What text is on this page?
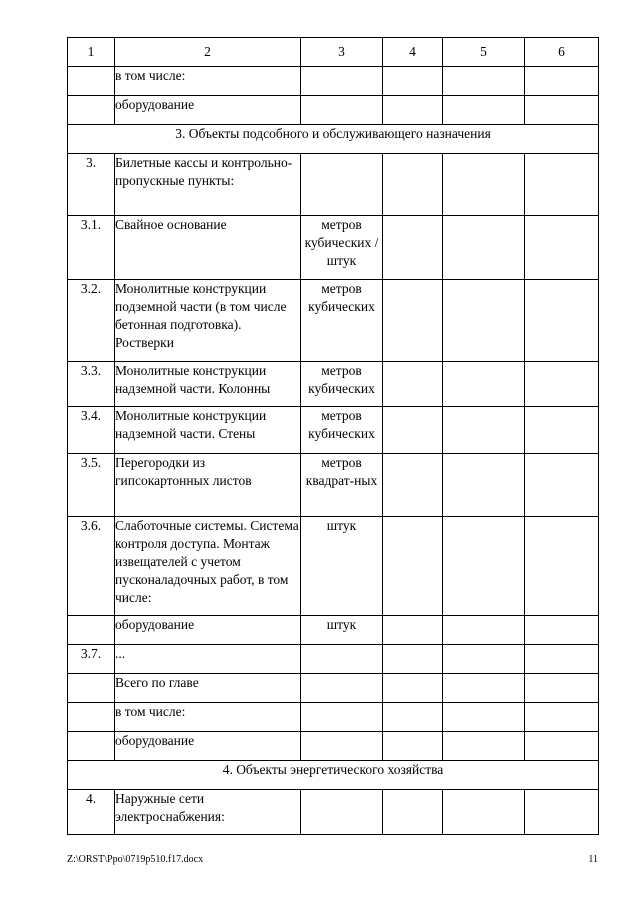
1	2	3	4	5	6
	в том числе:				
	оборудованиe				
3. Объекты подсобного и обслуживающего назначения					
3.	Билетные кассы и контрольно-пропускные пункты:				
3.1.	Свайное основание	метров кубических /штук			
3.2.	Монолитные конструкции подземной части (в том числе бетонная подготовка). Ростверки	метров кубических			
3.3.	Монолитные конструкции надземной части. Колонны	метров кубических			
3.4.	Монолитные конструкции надземной части. Стены	метров кубических			
3.5.	Перегородки из гипсокартонных листов	метров квадрат-ных			
3.6.	Слаботочные системы. Система контроля доступа. Монтаж извещателей с учетом пусконаладочных работ, в том числе:	штук			
	оборудование	штук			
3.7.	...				
	Всего по главе				
	в том числе:				
	оборудование				
4. Объекты энергетического хозяйства					
4.	Наружные сети электроснабжения:				
Z:\ORST\Ppo\0719p510.f17.docx	11
